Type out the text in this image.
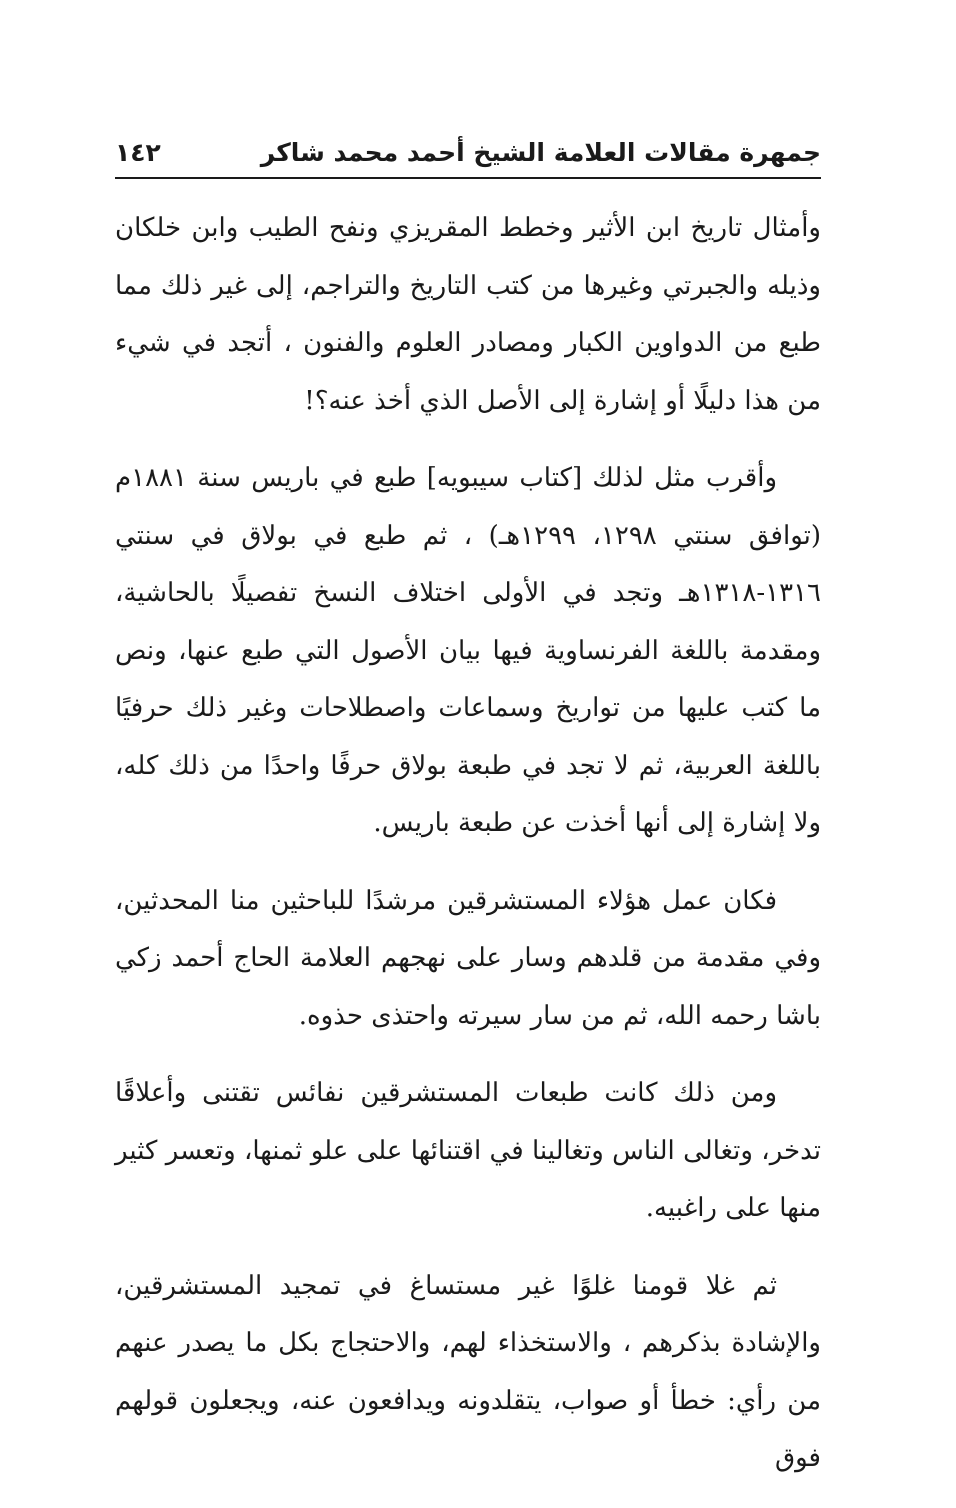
جمهرة مقالات العلامة الشيخ أحمد محمد شاكر
١٤٢

وأمثال تاريخ ابن الأثير وخطط المقريزي ونفح الطيب وابن خلكان وذيله والجبرتي وغيرها من كتب التاريخ والتراجم، إلى غير ذلك مما طبع من الدواوين الكبار ومصادر العلوم والفنون ، أتجد في شيء من هذا دليلًا أو إشارة إلى الأصل الذي أخذ عنه؟!

وأقرب مثل لذلك [كتاب سيبويه] طبع في باريس سنة ١٨٨١م (توافق سنتي ١٢٩٨، ١٢٩٩هـ) ، ثم طبع في بولاق في سنتي ١٣١٦-١٣١٨هـ وتجد في الأولى اختلاف النسخ تفصيلًا بالحاشية، ومقدمة باللغة الفرنساوية فيها بيان الأصول التي طبع عنها، ونص ما كتب عليها من تواريخ وسماعات واصطلاحات وغير ذلك حرفيًا باللغة العربية، ثم لا تجد في طبعة بولاق حرفًا واحدًا من ذلك كله، ولا إشارة إلى أنها أخذت عن طبعة باريس.

فكان عمل هؤلاء المستشرقين مرشدًا للباحثين منا المحدثين، وفي مقدمة من قلدهم وسار على نهجهم العلامة الحاج أحمد زكي باشا رحمه الله، ثم من سار سيرته واحتذى حذوه.

ومن ذلك كانت طبعات المستشرقين نفائس تقتنى وأعلاقًا تدخر، وتغالى الناس وتغالينا في اقتنائها على علو ثمنها، وتعسر كثير منها على راغبيه.

ثم غلا قومنا غلوًا غير مستساغ في تمجيد المستشرقين، والإشادة بذكرهم ، والاستخذاء لهم، والاحتجاج بكل ما يصدر عنهم من رأي: خطأ أو صواب، يتقلدونه ويدافعون عنه، ويجعلون قولهم فوق
